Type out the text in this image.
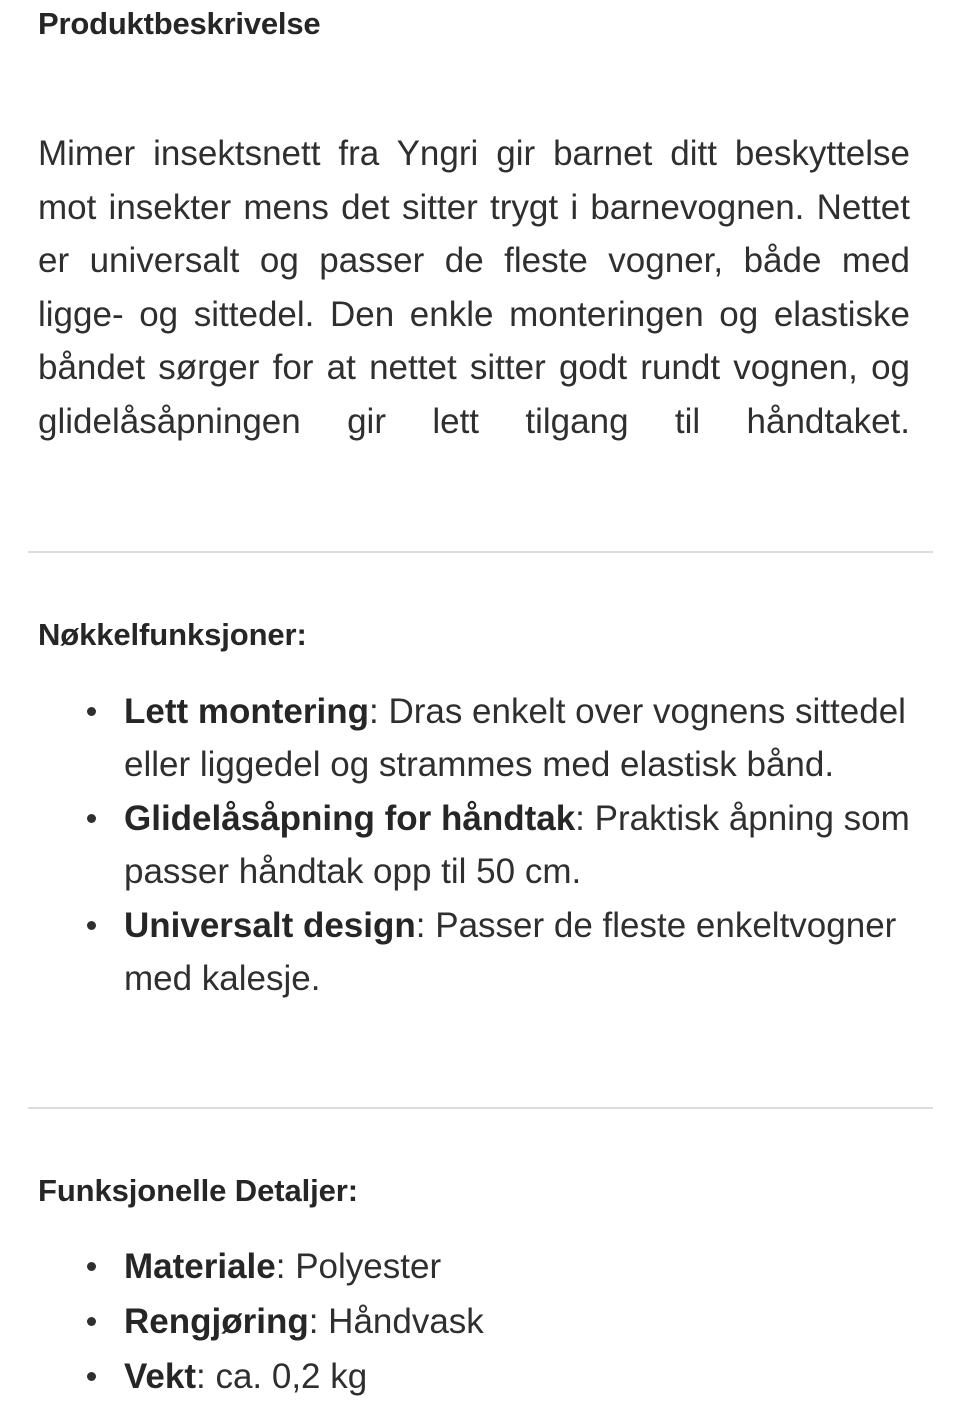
Produktbeskrivelse

Mimer insektsnett fra Yngri gir barnet ditt beskyttelse mot insekter mens det sitter trygt i barnevognen. Nettet er universalt og passer de fleste vogner, både med ligge- og sittedel. Den enkle monteringen og elastiske båndet sørger for at nettet sitter godt rundt vognen, og glidelåsåpningen gir lett tilgang til håndtaket.

Nøkkelfunksjoner:
Lett montering: Dras enkelt over vognens sittedel eller liggedel og strammes med elastisk bånd.
Glidelåsåpning for håndtak: Praktisk åpning som passer håndtak opp til 50 cm.
Universalt design: Passer de fleste enkeltvogner med kalesje.
Funksjonelle Detaljer:
Materiale: Polyester
Rengjøring: Håndvask
Vekt: ca. 0,2 kg
